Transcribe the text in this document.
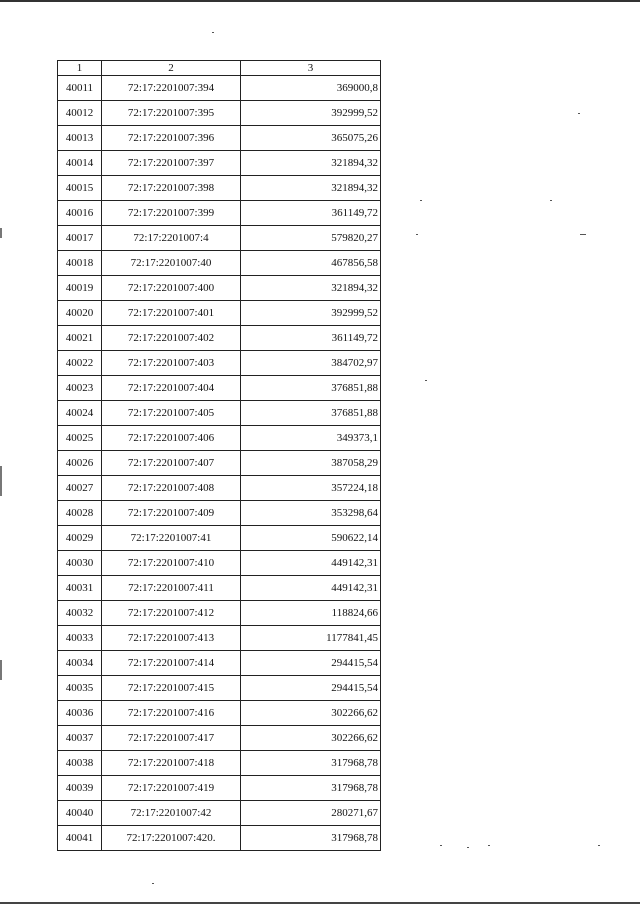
1	2	3
40011	72:17:2201007:394	369000,8
40012	72:17:2201007:395	392999,52
40013	72:17:2201007:396	365075,26
40014	72:17:2201007:397	321894,32
40015	72:17:2201007:398	321894,32
40016	72:17:2201007:399	361149,72
40017	72:17:2201007:4	579820,27
40018	72:17:2201007:40	467856,58
40019	72:17:2201007:400	321894,32
40020	72:17:2201007:401	392999,52
40021	72:17:2201007:402	361149,72
40022	72:17:2201007:403	384702,97
40023	72:17:2201007:404	376851,88
40024	72:17:2201007:405	376851,88
40025	72:17:2201007:406	349373,1
40026	72:17:2201007:407	387058,29
40027	72:17:2201007:408	357224,18
40028	72:17:2201007:409	353298,64
40029	72:17:2201007:41	590622,14
40030	72:17:2201007:410	449142,31
40031	72:17:2201007:411	449142,31
40032	72:17:2201007:412	118824,66
40033	72:17:2201007:413	1177841,45
40034	72:17:2201007:414	294415,54
40035	72:17:2201007:415	294415,54
40036	72:17:2201007:416	302266,62
40037	72:17:2201007:417	302266,62
40038	72:17:2201007:418	317968,78
40039	72:17:2201007:419	317968,78
40040	72:17:2201007:42	280271,67
40041	72:17:2201007:420.	317968,78
